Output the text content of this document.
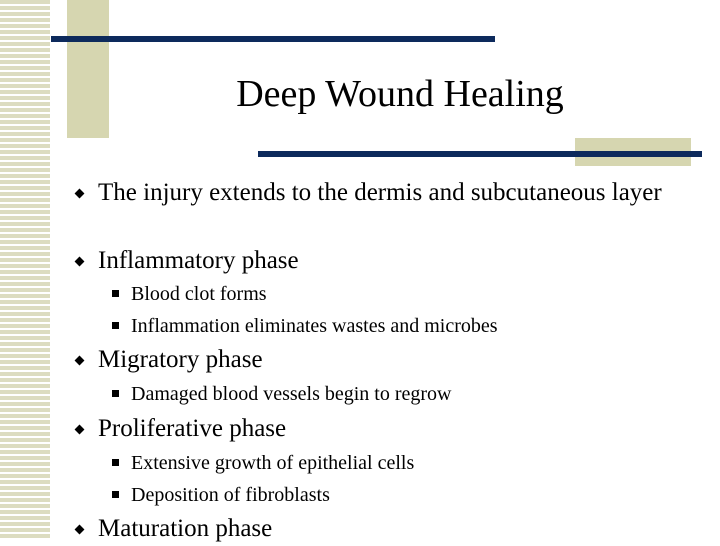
Deep Wound Healing
The injury extends to the dermis and subcutaneous layer
Inflammatory phase
Blood clot forms
Inflammation eliminates wastes and microbes
Migratory phase
Damaged blood vessels begin to regrow
Proliferative phase
Extensive growth of epithelial cells
Deposition of fibroblasts
Maturation phase
